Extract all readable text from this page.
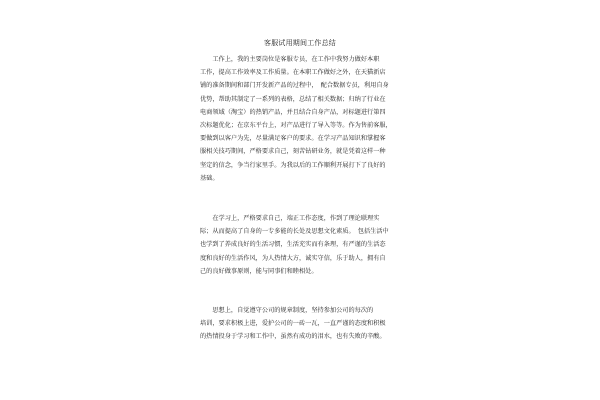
客服试用期间工作总结
　　工作上，我的主要岗位是客服专员，在工作中我努力做好本职
工作，提高工作效率及工作质量。在本职工作做好之外，在天猫新店
铺的准备期间和部门开发新产品的过程中，　配合数据专员，利用自身
优势，帮助其制定了一系列的表格，总结了相关数据；归纳了行业在
电商领域（淘宝）的热销产品，并且结合自身产品，对标题进行第四
次标题优化；在京东平台上，对产品进行了导入等等。作为售前客服，
要做到以客户为先，尽量满足客户的要求。在学习产品知识和掌握客
服相关技巧期间，严格要求自己，刻苦钻研业务，就是凭着这样一种
坚定的信念，争当行家里手。为我以后的工作顺利开展打下了良好的
基础。
　　在学习上，严格要求自己，端正工作态度，作到了理论联理实
际；从而提高了自身的一专多能的长处及思想文化素质。　包括生活中
也学到了养成良好的生活习惯，生活充实而有条理，有严谨的生活态
度和良好的生活作风，为人热情大方，诚实守信，乐于助人，拥有自
己的良好做事原则，能与同事们和睦相处。
　　思想上，自觉遵守公司的规章制度，坚持参加公司的每次的
培训，要求积极上进，爱护公司的一砖一瓦，一直严谨的态度和积极
的热情投身于学习和工作中，虽然有成功的泪水，也有失败的辛酸。
